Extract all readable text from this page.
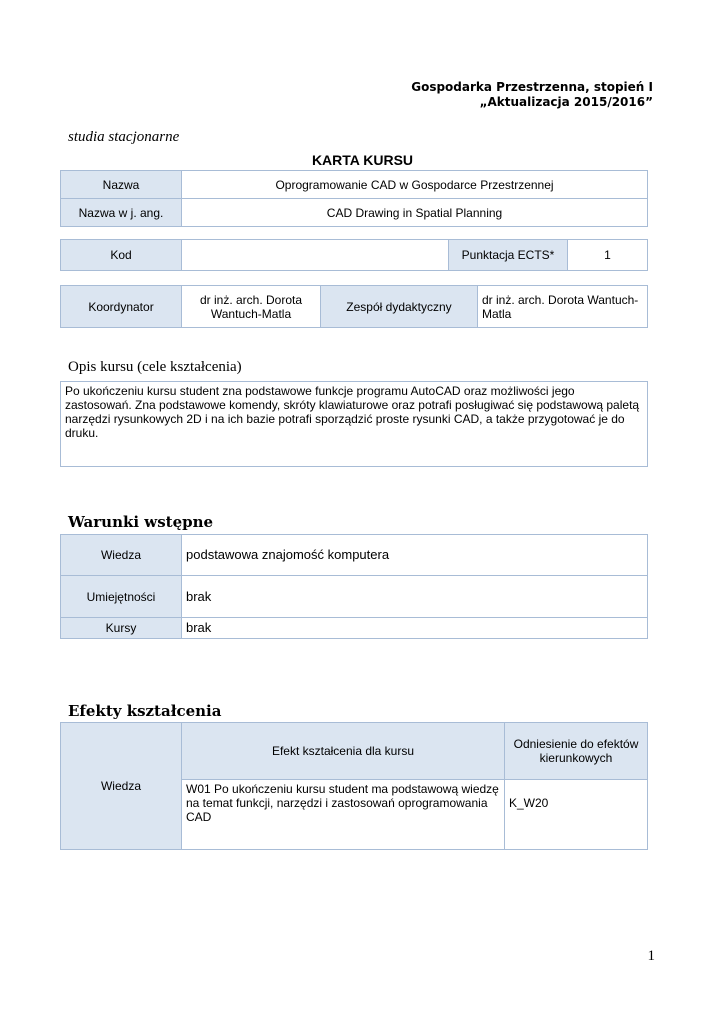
Gospodarka Przestrzenna, stopień I
„Aktualizacja 2015/2016”
studia stacjonarne
KARTA KURSU
Nazwa	Oprogramowanie CAD w Gospodarce Przestrzennej
Nazwa w j. ang.	CAD Drawing in Spatial Planning
Kod		Punktacja ECTS*	1
Koordynator	dr inż. arch. Dorota Wantuch-Matla	Zespół dydaktyczny	dr inż. arch. Dorota Wantuch-Matla
Opis kursu (cele kształcenia)
Po ukończeniu kursu student zna podstawowe funkcje programu AutoCAD oraz możliwości jego zastosowań. Zna podstawowe komendy, skróty klawiaturowe oraz potrafi posługiwać się podstawową paletą narzędzi rysunkowych 2D i na ich bazie potrafi sporządzić proste rysunki CAD, a także przygotować je do druku.
Warunki wstępne
Wiedza	podstawowa znajomość komputera
Umiejętności	brak
Kursy	brak
Efekty kształcenia
Wiedza	Efekt kształcenia dla kursu	Odniesienie do efektów kierunkowych
	W01 Po ukończeniu kursu student ma podstawową wiedzę na temat funkcji, narzędzi i zastosowań oprogramowania CAD	K_W20
1
